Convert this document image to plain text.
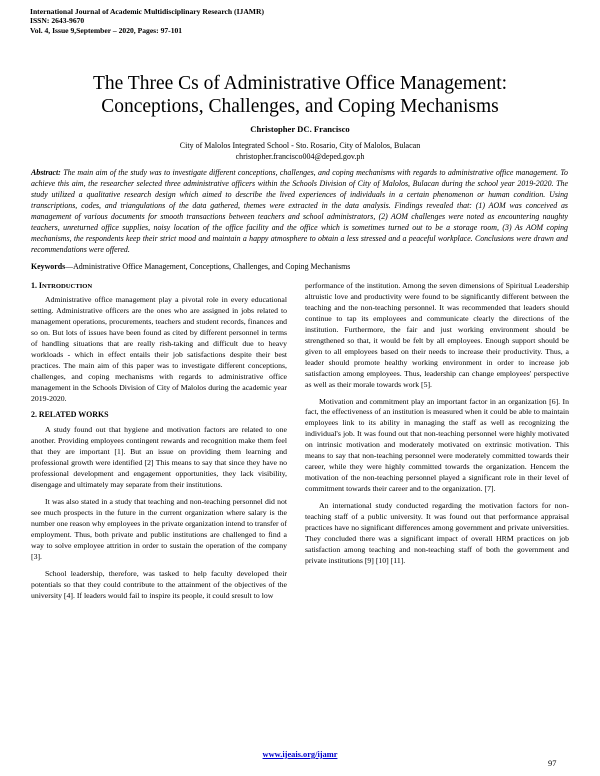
International Journal of Academic Multidisciplinary Research (IJAMR)
ISSN: 2643-9670
Vol. 4, Issue 9,September – 2020, Pages: 97-101
The Three Cs of Administrative Office Management:
Conceptions, Challenges, and Coping Mechanisms
Christopher DC. Francisco
City of Malolos Integrated School - Sto. Rosario, City of Malolos, Bulacan
christopher.francisco004@deped.gov.ph
Abstract: The main aim of the study was to investigate different conceptions, challenges, and coping mechanisms with regards to administrative office management. To achieve this aim, the researcher selected three administrative officers within the Schools Division of City of Malolos, Bulacan during the school year 2019-2020. The study utilized a qualitative research design which aimed to describe the lived experiences of individuals in a certain phenomenon or human condition. Using transcriptions, codes, and triangulations of the data gathered, themes were extracted in the data analysis. Findings revealed that: (1) AOM was conceived as management of various documents for smooth transactions between teachers and school administrators, (2) AOM challenges were noted as encountering naughty teachers, unreturned office supplies, noisy location of the office facility and the office which is sometimes turned out to be a storage room, (3) As AOM coping mechanisms, the respondents keep their strict mood and maintain a happy atmosphere to obtain a less stressed and a peaceful workplace. Conclusions were drawn and recommendations were offered.
Keywords—Administrative Office Management, Conceptions, Challenges, and Coping Mechanisms
1. INTRODUCTION

Administrative office management play a pivotal role in every educational setting. Administrative officers are the ones who are assigned in jobs related to management operations, procurements, teachers and student records, finances and so on. But lots of issues have been found as cited by different personnel in terms of handling situations that are really rish-taking and difficult due to heavy workloads - which in effect entails their job satisfactions despite their best practices. The main aim of this paper was to investigate different conceptions, challenges, and coping mechanisms with regards to administrative office management in the Schools Division of City of Malolos during the academic year 2019-2020.

2. RELATED WORKS

A study found out that hygiene and motivation factors are related to one another. Providing employees contingent rewards and recognition make them feel that they are important [1]. But an issue on providing them learning and professional growth were identified [2] This means to say that since they have no professional development and engagement opportunities, they lack visibility, disengage and ultimately may separate from their institutions.

It was also stated in a study that teaching and non-teaching personnel did not see much prospects in the future in the current organization where salary is the number one reason why employees in the private organization intend to transfer of employment. Thus, both private and public institutions are challenged to find a way to solve employee attrition in order to sustain the operation of the company [3].

School leadership, therefore, was tasked to help faculty developed their potentials so that they could contribute to the attainment of the objectives of the university [4]. If leaders would fail to inspire its people, it could sresult to low

performance of the institution. Among the seven dimensions of Spiritual Leadership altruistic love and productivity were found to be significantly different between the teaching and the non-teaching personnel. It was recommended that leaders should continue to tap its employees and communicate clearly the directions of the institution. Furthermore, the fair and just working environment should be strengthened so that, it would be felt by all employees. Enough support should be given to all employees based on their needs to increase their productivity. Thus, a leader should promote healthy working environment in order to increase job satisfaction among employees. Thus, leadership can change employees' perspective as well as their morale towards work [5].

Motivation and commitment play an important factor in an organization [6]. In fact, the effectiveness of an institution is measured when it could be able to maintain employees link to its ability in managing the staff as well as recognizing the individual's job. It was found out that non-teaching personnel were highly motivated on intrinsic motivation and moderately motivated on extrinsic motivation. This means to say that non-teaching personnel were moderately committed towards their career, while they were highly committed towards the organization. Hencem the motivation of the non-teaching personnel played a significant role in their level of commitment towards their career and to the organization. [7].

An international study conducted regarding the motivation factors for non-teaching staff of a public university. It was found out that performance appraisal practices have no significant differences among government and private universities. They concluded there was a significant impact of overall HRM practices on job satisfaction among teaching and non-teaching staff of both the government and private institutions [9] [10] [11].

www.ijeais.org/ijamr
97
